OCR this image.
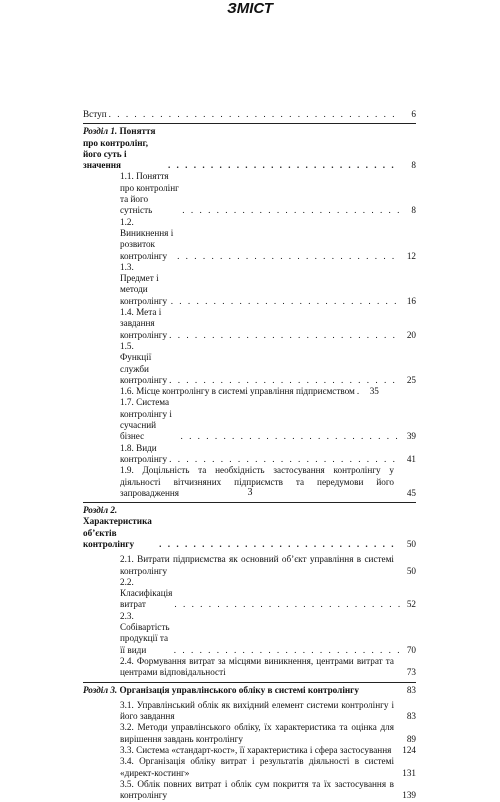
ЗМІСТ
Вступ . . .	6
Розділ 1. Поняття про контролінг, його суть і значення . . .	8
1.1. Поняття про контролінг та його сутність . . .	8
1.2. Виникнення і розвиток контролінгу . . .	12
1.3. Предмет і методи контролінгу . . .	16
1.4. Мета і завдання контролінгу . . .	20
1.5. Функції служби контролінгу . . .	25
1.6. Місце контролінгу в системі управління підприємством . . .	35
1.7. Система контролінгу і сучасний бізнес . . .	39
1.8. Види контролінгу . . .	41
1.9. Доцільність та необхідність застосування контролінгу у діяльності вітчизняних підприємств та передумови його запровадження	45
Розділ 2. Характеристика об’єктів контролінгу . . .	50
2.1. Витрати підприємства як основний об’єкт управління в системі контролінгу	50
2.2. Класифікація витрат . . .	52
2.3. Собівартість продукції та її види . . .	70
2.4. Формування витрат за місцями виникнення, центрами витрат та центрами відповідальності	73
Розділ 3. Організація управлінського обліку в системі контролінгу	83
3.1. Управлінський облік як вихідний елемент системи контролінгу і його завдання	83
3.2. Методи управлінського обліку, їх характеристика та оцінка для вирішення завдань контролінгу	89
3.3. Система «стандарт-кост», її характеристика і сфера застосування 124
3.4. Організація обліку витрат і результатів діяльності в системі «директ-костинг»	131
3.5. Облік повних витрат і облік сум покриття та їх застосування в контролінгу	139
3
